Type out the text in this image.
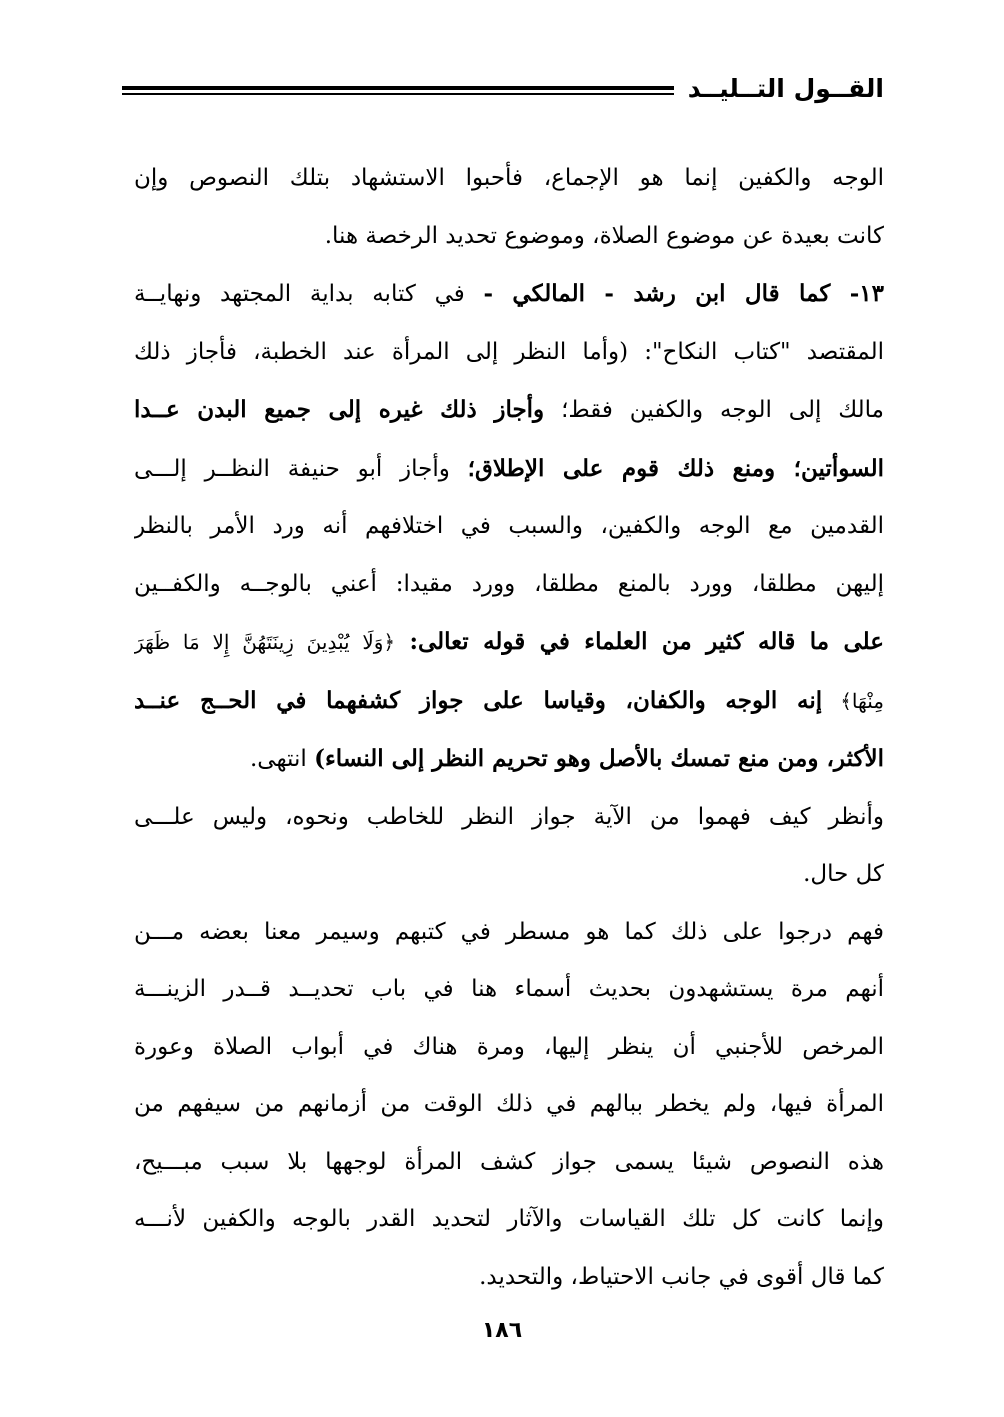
القــول التــليــد
الوجه والكفين إنما هو الإجماع، فأحبوا الاستشهاد بتلك النصوص وإن
كانت بعيدة عن موضوع الصلاة، وموضوع تحديد الرخصة هنا.
١٣- كما قال ابن رشد - المالكي - في كتابه بداية المجتهد ونهايــة
المقتصد "كتاب النكاح": (وأما النظر إلى المرأة عند الخطبة، فأجاز ذلك
مالك إلى الوجه والكفين فقط؛ وأجاز ذلك غيره إلى جميع البدن عــدا
السوأتين؛ ومنع ذلك قوم على الإطلاق؛ وأجاز أبو حنيفة النظــر إلـــى
القدمين مع الوجه والكفين، والسبب في اختلافهم أنه ورد الأمر بالنظر
إليهن مطلقا، وورد بالمنع مطلقا، وورد مقيدا: أعني بالوجــه والكفــين
على ما قاله كثير من العلماء في قوله تعالى: ﴿وَلَا يُبْدِينَ زِينَتَهُنَّ إِلا مَا ظَهَرَ
مِنْهَا﴾ إنه الوجه والكفان، وقياسا على جواز كشفهما في الحــج عنــد
الأكثر، ومن منع تمسك بالأصل وهو تحريم النظر إلى النساء) انتهى.
وأنظر كيف فهموا من الآية جواز النظر للخاطب ونحوه، وليس علـــى
كل حال.
فهم درجوا على ذلك كما هو مسطر في كتبهم وسيمر معنا بعضه مـــن
أنهم مرة يستشهدون بحديث أسماء هنا في باب تحديــد قــدر الزينـــة
المرخص للأجنبي أن ينظر إليها، ومرة هناك في أبواب الصلاة وعورة
المرأة فيها، ولم يخطر ببالهم في ذلك الوقت من أزمانهم من سيفهم من
هذه النصوص شيئا يسمى جواز كشف المرأة لوجهها بلا سبب مبـــيح،
وإنما كانت كل تلك القياسات والآثار لتحديد القدر بالوجه والكفين لأنـــه
كما قال أقوى في جانب الاحتياط، والتحديد.
١٨٦
